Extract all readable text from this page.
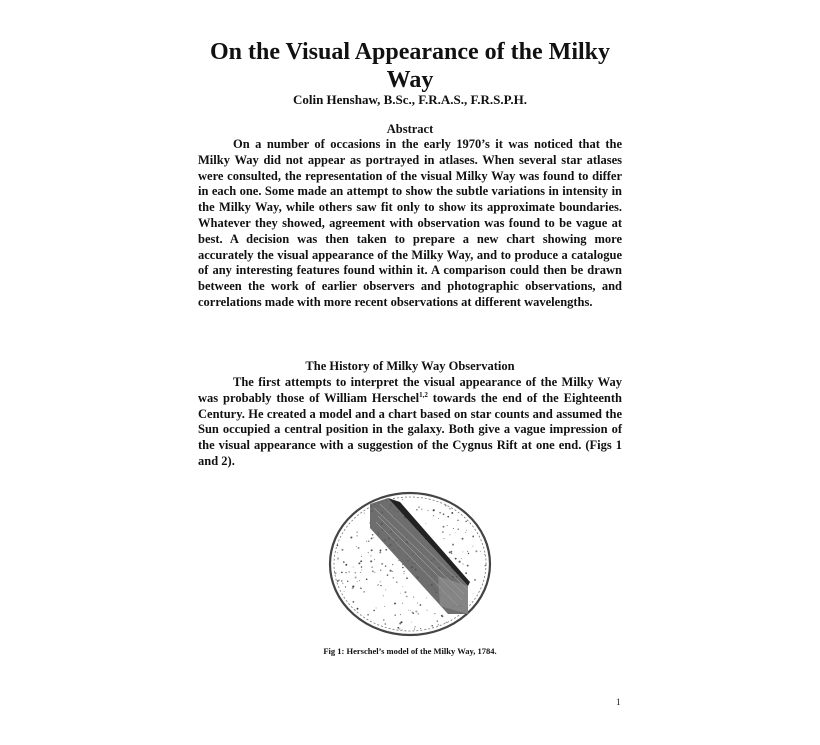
On the Visual Appearance of the Milky Way
Colin Henshaw, B.Sc., F.R.A.S., F.R.S.P.H.
Abstract

On a number of occasions in the early 1970’s it was noticed that the Milky Way did not appear as portrayed in atlases. When several star atlases were consulted, the representation of the visual Milky Way was found to differ in each one. Some made an attempt to show the subtle variations in intensity in the Milky Way, while others saw fit only to show its approximate boundaries. Whatever they showed, agreement with observation was found to be vague at best. A decision was then taken to prepare a new chart showing more accurately the visual appearance of the Milky Way, and to produce a catalogue of any interesting features found within it. A comparison could then be drawn between the work of earlier observers and photographic observations, and correlations made with more recent observations at different wavelengths.

The History of Milky Way Observation

The first attempts to interpret the visual appearance of the Milky Way was probably those of William Herschel$^{1,2}$ towards the end of the Eighteenth Century. He created a model and a chart based on star counts and assumed the Sun occupied a central position in the galaxy. Both give a vague impression of the visual appearance with a suggestion of the Cygnus Rift at one end. (Figs 1 and 2).

Fig 1: Herschel’s model of the Milky Way, 1784.
1
